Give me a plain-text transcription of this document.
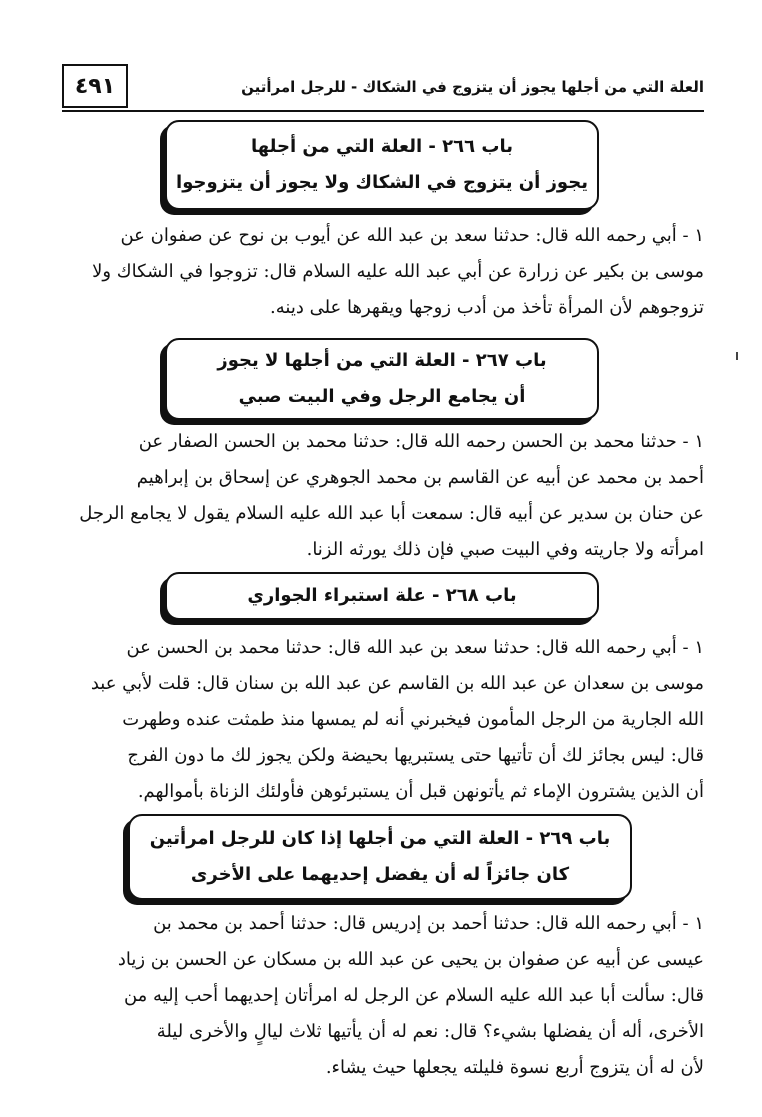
٤٩١	العلة التي من أجلها يجوز أن يتزوج في الشكاك - للرجل امرأتين
باب ٢٦٦ - العلة التي من أجلها
يجوز أن يتزوج في الشكاك ولا يجوز أن يتزوجوا
١ - أبي رحمه الله قال: حدثنا سعد بن عبد الله عن أيوب بن نوح عن صفوان عن
موسى بن بكير عن زرارة عن أبي عبد الله عليه السلام قال: تزوجوا في الشكاك ولا
تزوجوهم لأن المرأة تأخذ من أدب زوجها ويقهرها على دينه.
باب ٢٦٧ - العلة التي من أجلها لا يجوز
أن يجامع الرجل وفي البيت صبي
١ - حدثنا محمد بن الحسن رحمه الله قال: حدثنا محمد بن الحسن الصفار عن
أحمد بن محمد عن أبيه عن القاسم بن محمد الجوهري عن إسحاق بن إبراهيم
عن حنان بن سدير عن أبيه قال: سمعت أبا عبد الله عليه السلام يقول لا يجامع الرجل
امرأته ولا جاريته وفي البيت صبي فإن ذلك يورثه الزنا.
باب ٢٦٨ - علة استبراء الجواري
١ - أبي رحمه الله قال: حدثنا سعد بن عبد الله قال: حدثنا محمد بن الحسن عن
موسى بن سعدان عن عبد الله بن القاسم عن عبد الله بن سنان قال: قلت لأبي عبد
الله الجارية من الرجل المأمون فيخبرني أنه لم يمسها منذ طمثت عنده وطهرت
قال: ليس بجائز لك أن تأتيها حتى يستبريها بحيضة ولكن يجوز لك ما دون الفرج
أن الذين يشترون الإماء ثم يأتونهن قبل أن يستبرئوهن فأولئك الزناة بأموالهم.
باب ٢٦٩ - العلة التي من أجلها إذا كان للرجل امرأتين
كان جائزاً له أن يفضل إحديهما على الأخرى
١ - أبي رحمه الله قال: حدثنا أحمد بن إدريس قال: حدثنا أحمد بن محمد بن
عيسى عن أبيه عن صفوان بن يحيى عن عبد الله بن مسكان عن الحسن بن زياد
قال: سألت أبا عبد الله عليه السلام عن الرجل له امرأتان إحديهما أحب إليه من
الأخرى، أله أن يفضلها بشيء؟ قال: نعم له أن يأتيها ثلاث ليالٍ والأخرى ليلة
لأن له أن يتزوج أربع نسوة فليلته يجعلها حيث يشاء.
